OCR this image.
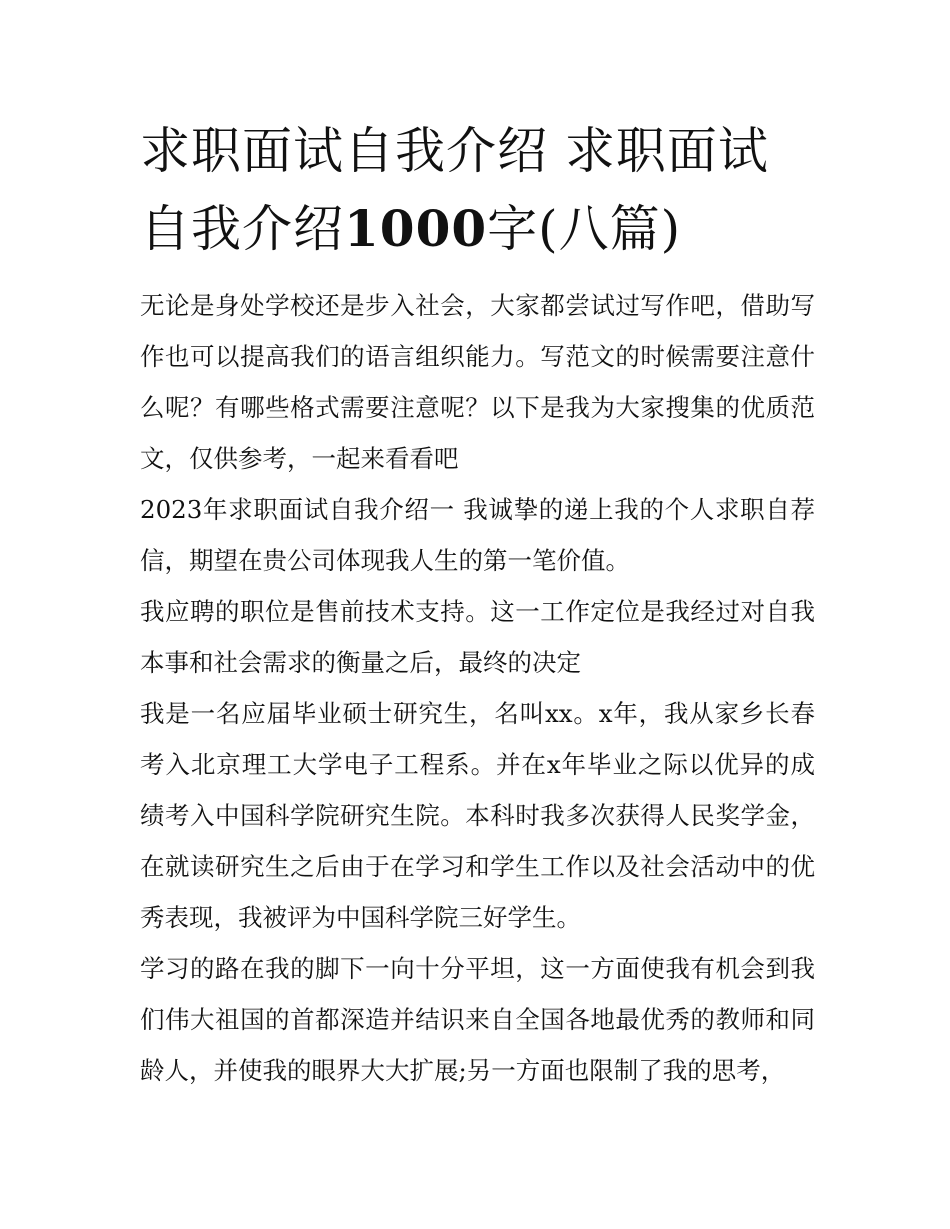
求职面试自我介绍 求职面试自我介绍1000字(八篇)

无论是身处学校还是步入社会，大家都尝试过写作吧，借助写作也可以提高我们的语言组织能力。写范文的时候需要注意什么呢？有哪些格式需要注意呢？以下是我为大家搜集的优质范文，仅供参考，一起来看看吧

2023年求职面试自我介绍一 我诚挚的递上我的个人求职自荐信，期望在贵公司体现我人生的第一笔价值。

我应聘的职位是售前技术支持。这一工作定位是我经过对自我本事和社会需求的衡量之后，最终的决定

我是一名应届毕业硕士研究生，名叫xx。x年，我从家乡长春考入北京理工大学电子工程系。并在x年毕业之际以优异的成绩考入中国科学院研究生院。本科时我多次获得人民奖学金，在就读研究生之后由于在学习和学生工作以及社会活动中的优秀表现，我被评为中国科学院三好学生。

学习的路在我的脚下一向十分平坦，这一方面使我有机会到我们伟大祖国的首都深造并结识来自全国各地最优秀的教师和同龄人，并使我的眼界大大扩展;另一方面也限制了我的思考，
